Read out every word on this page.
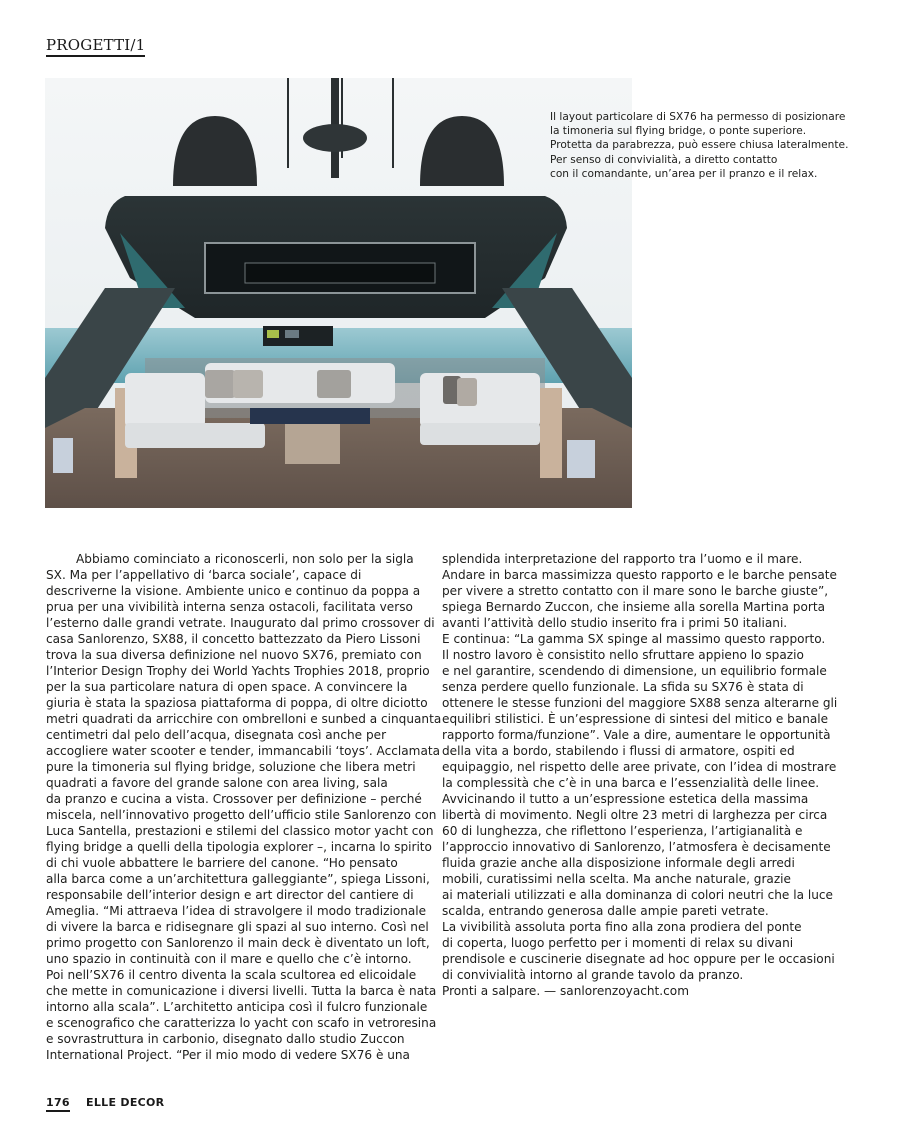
PROGETTI/1

Il layout particolare di SX76 ha permesso di posizionare

la timoneria sul flying bridge, o ponte superiore.

Protetta da parabrezza, può essere chiusa lateralmente.

Per senso di convivialità, a diretto contatto

con il comandante, un’area per il pranzo e il relax.

Abbiamo cominciato a riconoscerli, non solo per la sigla

SX. Ma per l’appellativo di ‘barca sociale’, capace di

descriverne la visione. Ambiente unico e continuo da poppa a

prua per una vivibilità interna senza ostacoli, facilitata verso

l’esterno dalle grandi vetrate. Inaugurato dal primo crossover di

casa Sanlorenzo, SX88, il concetto battezzato da Piero Lissoni

trova la sua diversa definizione nel nuovo SX76, premiato con

l’Interior Design Trophy dei World Yachts Trophies 2018, proprio

per la sua particolare natura di open space. A convincere la

giuria è stata la spaziosa piattaforma di poppa, di oltre diciotto

metri quadrati da arricchire con ombrelloni e sunbed a cinquanta

centimetri dal pelo dell’acqua, disegnata così anche per

accogliere water scooter e tender, immancabili ‘toys’. Acclamata

pure la timoneria sul flying bridge, soluzione che libera metri

quadrati a favore del grande salone con area living, sala

da pranzo e cucina a vista. Crossover per definizione – perché

miscela, nell’innovativo progetto dell’ufficio stile Sanlorenzo con

Luca Santella, prestazioni e stilemi del classico motor yacht con

flying bridge a quelli della tipologia explorer –, incarna lo spirito

di chi vuole abbattere le barriere del canone. “Ho pensato

alla barca come a un’architettura galleggiante”, spiega Lissoni,

responsabile dell’interior design e art director del cantiere di

Ameglia. “Mi attraeva l’idea di stravolgere il modo tradizionale

di vivere la barca e ridisegnare gli spazi al suo interno. Così nel

primo progetto con Sanlorenzo il main deck è diventato un loft,

uno spazio in continuità con il mare e quello che c’è intorno.

Poi nell’SX76 il centro diventa la scala scultorea ed elicoidale

che mette in comunicazione i diversi livelli. Tutta la barca è nata

intorno alla scala”. L’architetto anticipa così il fulcro funzionale

e scenografico che caratterizza lo yacht con scafo in vetroresina

e sovrastruttura in carbonio, disegnato dallo studio Zuccon

International Project. “Per il mio modo di vedere SX76 è una

splendida interpretazione del rapporto tra l’uomo e il mare.

Andare in barca massimizza questo rapporto e le barche pensate

per vivere a stretto contatto con il mare sono le barche giuste”,

spiega Bernardo Zuccon, che insieme alla sorella Martina porta

avanti l’attività dello studio inserito fra i primi 50 italiani.

E continua: “La gamma SX spinge al massimo questo rapporto.

Il nostro lavoro è consistito nello sfruttare appieno lo spazio

e nel garantire, scendendo di dimensione, un equilibrio formale

senza perdere quello funzionale. La sfida su SX76 è stata di

ottenere le stesse funzioni del maggiore SX88 senza alterarne gli

equilibri stilistici. È un’espressione di sintesi del mitico e banale

rapporto forma/funzione”. Vale a dire, aumentare le opportunità

della vita a bordo, stabilendo i flussi di armatore, ospiti ed

equipaggio, nel rispetto delle aree private, con l’idea di mostrare

la complessità che c’è in una barca e l’essenzialità delle linee.

Avvicinando il tutto a un’espressione estetica della massima

libertà di movimento. Negli oltre 23 metri di larghezza per circa

60 di lunghezza, che riflettono l’esperienza, l’artigianalità e

l’approccio innovativo di Sanlorenzo, l’atmosfera è decisamente

fluida grazie anche alla disposizione informale degli arredi

mobili, curatissimi nella scelta. Ma anche naturale, grazie

ai materiali utilizzati e alla dominanza di colori neutri che la luce

scalda, entrando generosa dalle ampie pareti vetrate.

La vivibilità assoluta porta fino alla zona prodiera del ponte

di coperta, luogo perfetto per i momenti di relax su divani

prendisole e cuscinerie disegnate ad hoc oppure per le occasioni

di convivialità intorno al grande tavolo da pranzo.

Pronti a salpare. — sanlorenzoyacht.com

176 ELLE DECOR
